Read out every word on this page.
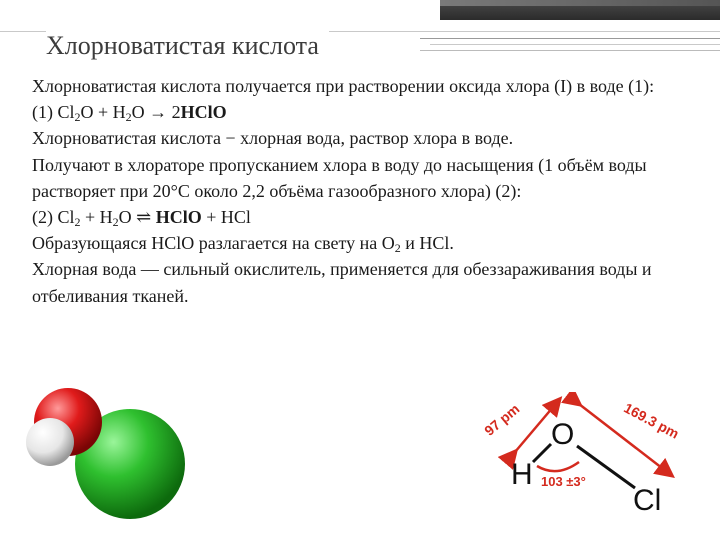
Хлорноватистая кислота

Хлорноватистая кислота получается при растворении оксида хлора (I) в воде (1):

(1) $Cl_2O + H_2O$ → 2HClO

Хлорноватистая кислота − хлорная вода, раствор хлора в воде.

Получают в хлораторе пропусканием хлора в воду до насыщения (1 объём воды растворяет при 20°С около 2,2 объёма газообразного хлора) (2):

(2) $Cl_2 + H_2O$ ⇌ HClO + HCl

Образующаяся HClO разлагается на свету на $O_2$ и HCl.

Хлорная вода — сильный окислитель, применяется для обеззараживания воды и отбеливания тканей.

97 pm	169.3 pm
O
H
Cl
103 ±3°
